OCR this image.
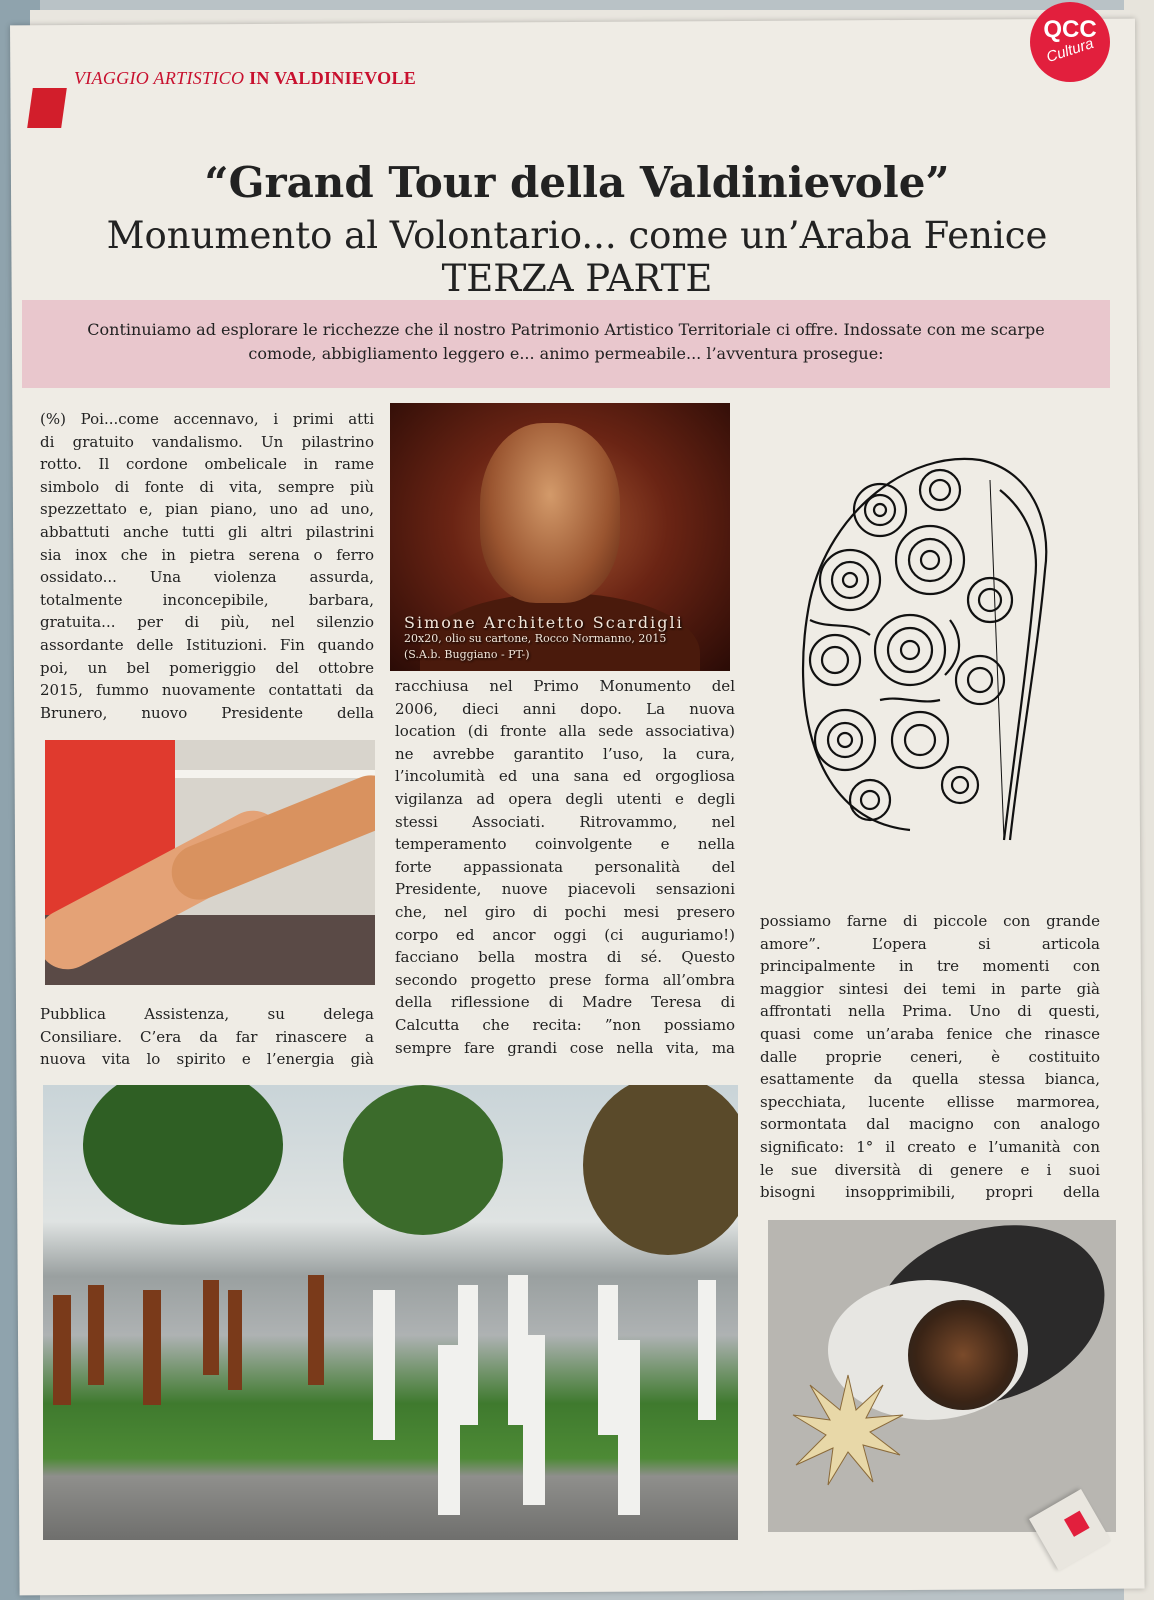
VIAGGIO ARTISTICO IN VALDINIEVOLE
QCC
Cultura
“Grand Tour della Valdinievole”
Monumento al Volontario... come un’Araba Fenice
TERZA PARTE
Continuiamo ad esplorare le ricchezze che il nostro Patrimonio Artistico Territoriale ci offre. Indossate con me scarpe
comode, abbigliamento leggero e... animo permeabile... l’avventura prosegue:
(%) Poi...come accennavo, i primi atti
di gratuito vandalismo. Un pilastrino
rotto. Il cordone ombelicale in rame
simbolo di fonte di vita, sempre più
spezzettato e, pian piano, uno ad uno,
abbattuti anche tutti gli altri pilastrini
sia inox che in pietra serena o ferro
ossidato... Una violenza assurda,
totalmente inconcepibile, barbara,
gratuita... per di più, nel silenzio
assordante delle Istituzioni. Fin quando
poi, un bel pomeriggio del ottobre
2015, fummo nuovamente contattati da
Brunero, nuovo Presidente della
Pubblica Assistenza, su delega
Consiliare. C’era da far rinascere a
nuova vita lo spirito e l’energia già
Simone Architetto Scardigli
20x20, olio su cartone, Rocco Normanno, 2015
(S.A.b. Buggiano - PT-)
racchiusa nel Primo Monumento del
2006, dieci anni dopo. La nuova
location (di fronte alla sede associativa)
ne avrebbe garantito l’uso, la cura,
l’incolumità ed una sana ed orgogliosa
vigilanza ad opera degli utenti e degli
stessi Associati. Ritrovammo, nel
temperamento coinvolgente e nella
forte appassionata personalità del
Presidente, nuove piacevoli sensazioni
che, nel giro di pochi mesi presero
corpo ed ancor oggi (ci auguriamo!)
facciano bella mostra di sé. Questo
secondo progetto prese forma all’ombra
della riflessione di Madre Teresa di
Calcutta che recita: ”non possiamo
sempre fare grandi cose nella vita, ma
possiamo farne di piccole con grande
amore”. L’opera si articola
principalmente in tre momenti con
maggior sintesi dei temi in parte già
affrontati nella Prima. Uno di questi,
quasi come un’araba fenice che rinasce
dalle proprie ceneri, è costituito
esattamente da quella stessa bianca,
specchiata, lucente ellisse marmorea,
sormontata dal macigno con analogo
significato: 1° il creato e l’umanità con
le sue diversità di genere e i suoi
bisogni insopprimibili, propri della
